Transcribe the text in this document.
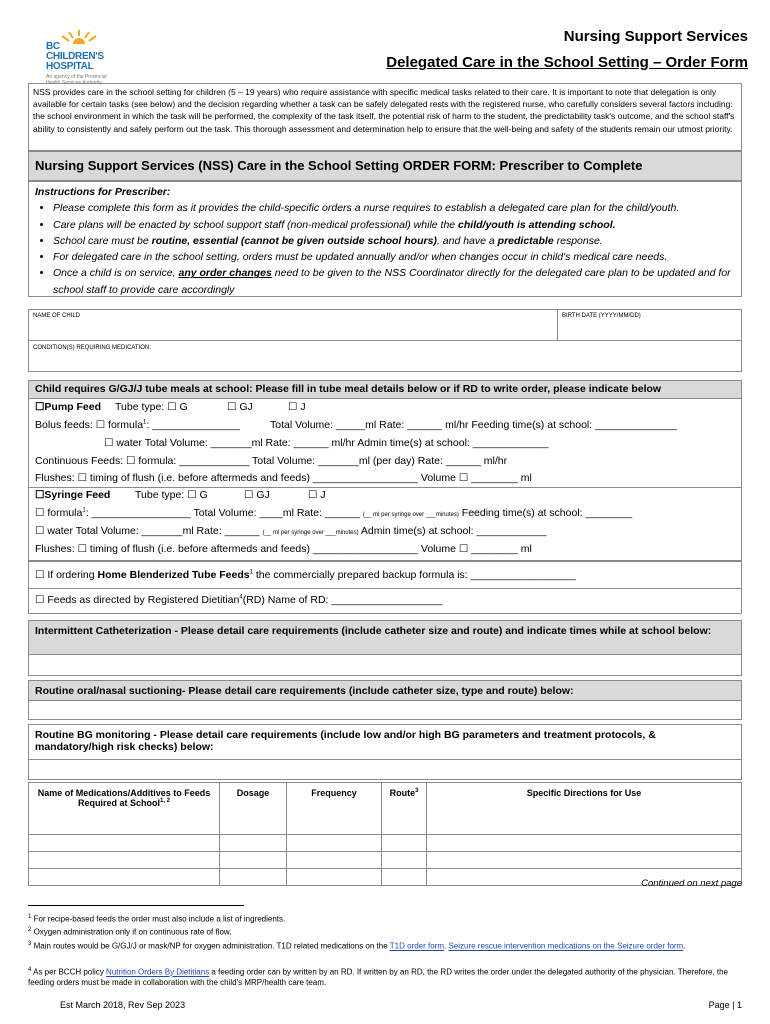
BC
CHILDREN'S
HOSPITAL
An agency of the Provincial Health Services Authority
Nursing Support Services
Delegated Care in the School Setting – Order Form
NSS provides care in the school setting for children (5 – 19 years) who require assistance with specific medical tasks related to their care. It is important to note that delegation is only available for certain tasks (see below) and the decision regarding whether a task can be safely delegated rests with the registered nurse, who carefully considers several factors including: the school environment in which the task will be performed, the complexity of the task itself, the potential risk of harm to the student, the predictability task's outcome, and the school staff's ability to consistently and safely perform out the task. This thorough assessment and determination help to ensure that the well-being and safety of the students remain our utmost priority.
Nursing Support Services (NSS) Care in the School Setting ORDER FORM: Prescriber to Complete
Instructions for Prescriber:
• Please complete this form as it provides the child-specific orders a nurse requires to establish a delegated care plan for the child/youth.
• Care plans will be enacted by school support staff (non-medical professional) while the child/youth is attending school.
• School care must be routine, essential (cannot be given outside school hours), and have a predictable response.
• For delegated care in the school setting, orders must be updated annually and/or when changes occur in child's medical care needs.
• Once a child is on service, any order changes need to be given to the NSS Coordinator directly for the delegated care plan to be updated and for school staff to provide care accordingly
NAME OF CHILD	BIRTH DATE (YYYY/MM/DD)
CONDITION(S) REQUIRING MEDICATION:
Child requires G/GJ/J tube meals at school: Please fill in tube meal details below or if RD to write order, please indicate below
☐Pump Feed Tube type: ☐ G	☐ GJ	☐ J
Bolus feeds: ☐ formula$^1$: _______________	Total Volume: _____ml Rate: ______ ml/hr Feeding time(s) at school: ______________
☐ water Total Volume: _______ml Rate: ______ ml/hr Admin time(s) at school: _____________
Continuous Feeds: ☐ formula: ____________ Total Volume: _______ml (per day) Rate: ______ ml/hr
Flushes: ☐ timing of flush (i.e. before aftermeds and feeds) __________________ Volume ☐ ________ ml
☐Syringe Feed Tube type: ☐ G	☐ GJ	☐ J
☐ formula$^1$: _________________ Total Volume: ____ml Rate: ______ (__ ml per syringe over ___minutes) Feeding time(s) at school: ________
☐ water Total Volume: _______ml Rate: ______ (__ ml per syringe over ___minutes) Admin time(s) at school: ____________
Flushes: ☐ timing of flush (i.e. before aftermeds and feeds) __________________ Volume ☐ ________ ml
☐ If ordering Home Blenderized Tube Feeds$^1$ the commercially prepared backup formula is: __________________
☐ Feeds as directed by Registered Dietitian$^4$(RD) Name of RD: ___________________
Intermittent Catheterization - Please detail care requirements (include catheter size and route) and indicate times while at school below:
Routine oral/nasal suctioning- Please detail care requirements (include catheter size, type and route) below:
Routine BG monitoring - Please detail care requirements (include low and/or high BG parameters and treatment protocols, & mandatory/high risk checks) below:
Name of Medications/Additives to Feeds Required at School$^{1, 2}$	Dosage	Frequency	Route$^3$	Specific Directions for Use

Continued on next page
$^1$ For recipe-based feeds the order must also include a list of ingredients.
$^2$ Oxygen administration only if on continuous rate of flow.
$^3$ Main routes would be G/GJ/J or mask/NP for oxygen administration. T1D related medications on the T1D order form. Seizure rescue intervention medications on the Seizure order form.
$^4$ As per BCCH policy Nutrition Orders By Dietitians a feeding order can by written by an RD. If written by an RD, the RD writes the order under the delegated authority of the physician. Therefore, the feeding orders must be made in collaboration with the child's MRP/health care team.
Est March 2018, Rev Sep 2023	Page | 1
